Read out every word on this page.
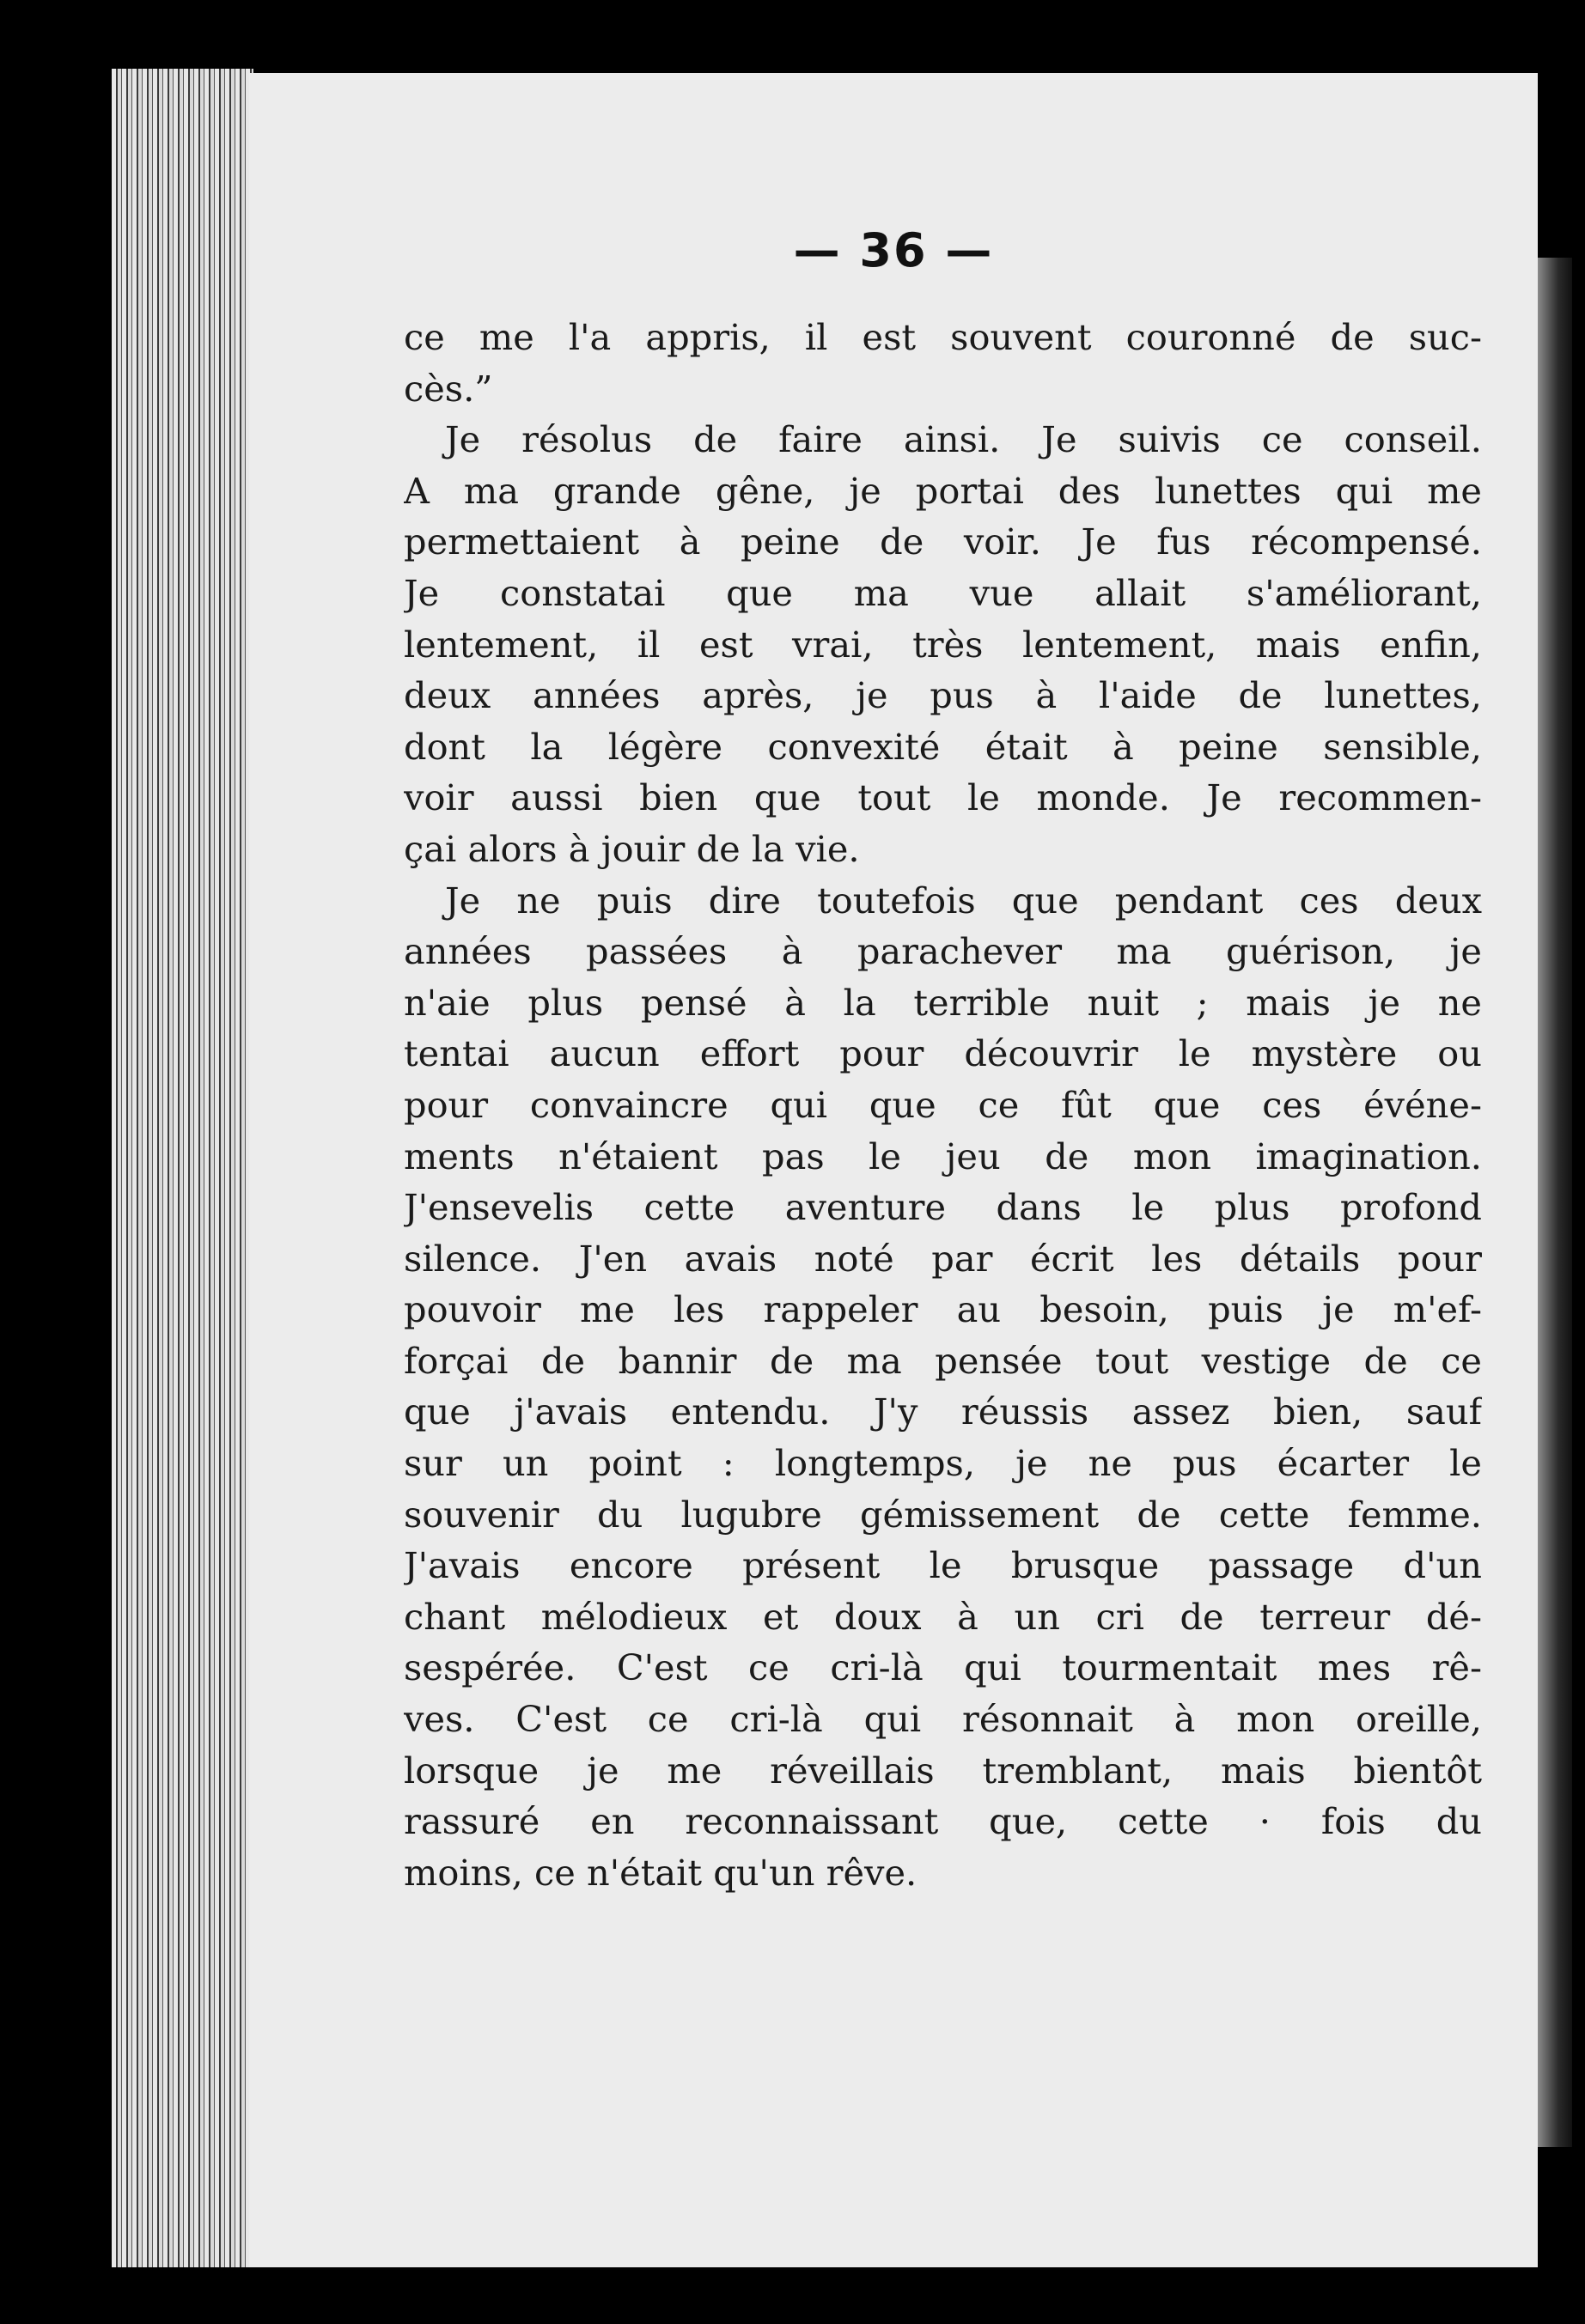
— 36 —
ce me l'a appris, il est souvent couronné de suc-
cès.”
Je résolus de faire ainsi. Je suivis ce conseil.
A ma grande gêne, je portai des lunettes qui me
permettaient à peine de voir. Je fus récompensé.
Je constatai que ma vue allait s'améliorant,
lentement, il est vrai, très lentement, mais enfin,
deux années après, je pus à l'aide de lunettes,
dont la légère convexité était à peine sensible,
voir aussi bien que tout le monde. Je recommen-
çai alors à jouir de la vie.
Je ne puis dire toutefois que pendant ces deux
années passées à parachever ma guérison, je
n'aie plus pensé à la terrible nuit ; mais je ne
tentai aucun effort pour découvrir le mystère ou
pour convaincre qui que ce fût que ces événe-
ments n'étaient pas le jeu de mon imagination.
J'ensevelis cette aventure dans le plus profond
silence. J'en avais noté par écrit les détails pour
pouvoir me les rappeler au besoin, puis je m'ef-
forçai de bannir de ma pensée tout vestige de ce
que j'avais entendu. J'y réussis assez bien, sauf
sur un point : longtemps, je ne pus écarter le
souvenir du lugubre gémissement de cette femme.
J'avais encore présent le brusque passage d'un
chant mélodieux et doux à un cri de terreur dé-
sespérée. C'est ce cri-là qui tourmentait mes rê-
ves. C'est ce cri-là qui résonnait à mon oreille,
lorsque je me réveillais tremblant, mais bientôt
rassuré en reconnaissant que, cette · fois du
moins, ce n'était qu'un rêve.
